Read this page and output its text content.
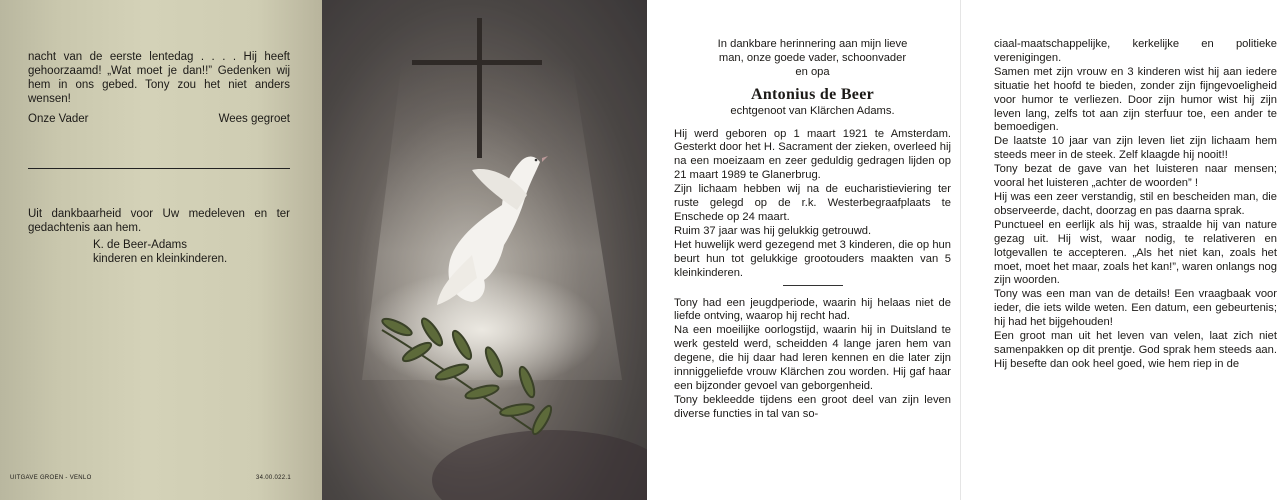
nacht van de eerste lentedag . . . . Hij heeft gehoorzaamd! „Wat moet je dan!!” Gedenken wij hem in ons gebed. Tony zou het niet anders wensen!
Onze Vader	Wees gegroet
Uit dankbaarheid voor Uw medeleven en ter gedachtenis aan hem.
K. de Beer-Adams
kinderen en kleinkinderen.
UITGAVE GROEN - VENLO	34.00.022.1

In dankbare herinnering aan mijn lieve

man, onze goede vader, schoonvader

en opa

Antonius de Beer

echtgenoot van Klärchen Adams.

Hij werd geboren op 1 maart 1921 te Amsterdam. Gesterkt door het H. Sacrament der zieken, overleed hij na een moeizaam en zeer geduldig gedragen lijden op 21 maart 1989 te Glanerbrug.

Zijn lichaam hebben wij na de eucharistieviering ter ruste gelegd op de r.k. Westerbegraafplaats te Enschede op 24 maart.

Ruim 37 jaar was hij gelukkig getrouwd.

Het huwelijk werd gezegend met 3 kinderen, die op hun beurt hun tot gelukkige grootouders maakten van 5 kleinkinderen.

Tony had een jeugdperiode, waarin hij helaas niet de liefde ontving, waarop hij recht had.

Na een moeilijke oorlogstijd, waarin hij in Duitsland te werk gesteld werd, scheidden 4 lange jaren hem van degene, die hij daar had leren kennen en die later zijn innniggeliefde vrouw Klärchen zou worden. Hij gaf haar een bijzonder gevoel van geborgenheid.

Tony bekleedde tijdens een groot deel van zijn leven diverse functies in tal van so-

ciaal-maatschappelijke, kerkelijke en politieke verenigingen.

Samen met zijn vrouw en 3 kinderen wist hij aan iedere situatie het hoofd te bieden, zonder zijn fijngevoeligheid voor humor te verliezen. Door zijn humor wist hij zijn leven lang, zelfs tot aan zijn sterfuur toe, een ander te bemoedigen.

De laatste 10 jaar van zijn leven liet zijn lichaam hem steeds meer in de steek. Zelf klaagde hij nooit!!

Tony bezat de gave van het luisteren naar mensen; vooral het luisteren „achter de woorden” !

Hij was een zeer verstandig, stil en bescheiden man, die observeerde, dacht, doorzag en pas daarna sprak.

Punctueel en eerlijk als hij was, straalde hij van nature gezag uit. Hij wist, waar nodig, te relativeren en lotgevallen te accepteren. „Als het niet kan, zoals het moet, moet het maar, zoals het kan!”, waren onlangs nog zijn woorden.

Tony was een man van de details! Een vraagbaak voor ieder, die iets wilde weten. Een datum, een gebeurtenis; hij had het bijgehouden!

Een groot man uit het leven van velen, laat zich niet samenpakken op dit prentje. God sprak hem steeds aan. Hij besefte dan ook heel goed, wie hem riep in de
